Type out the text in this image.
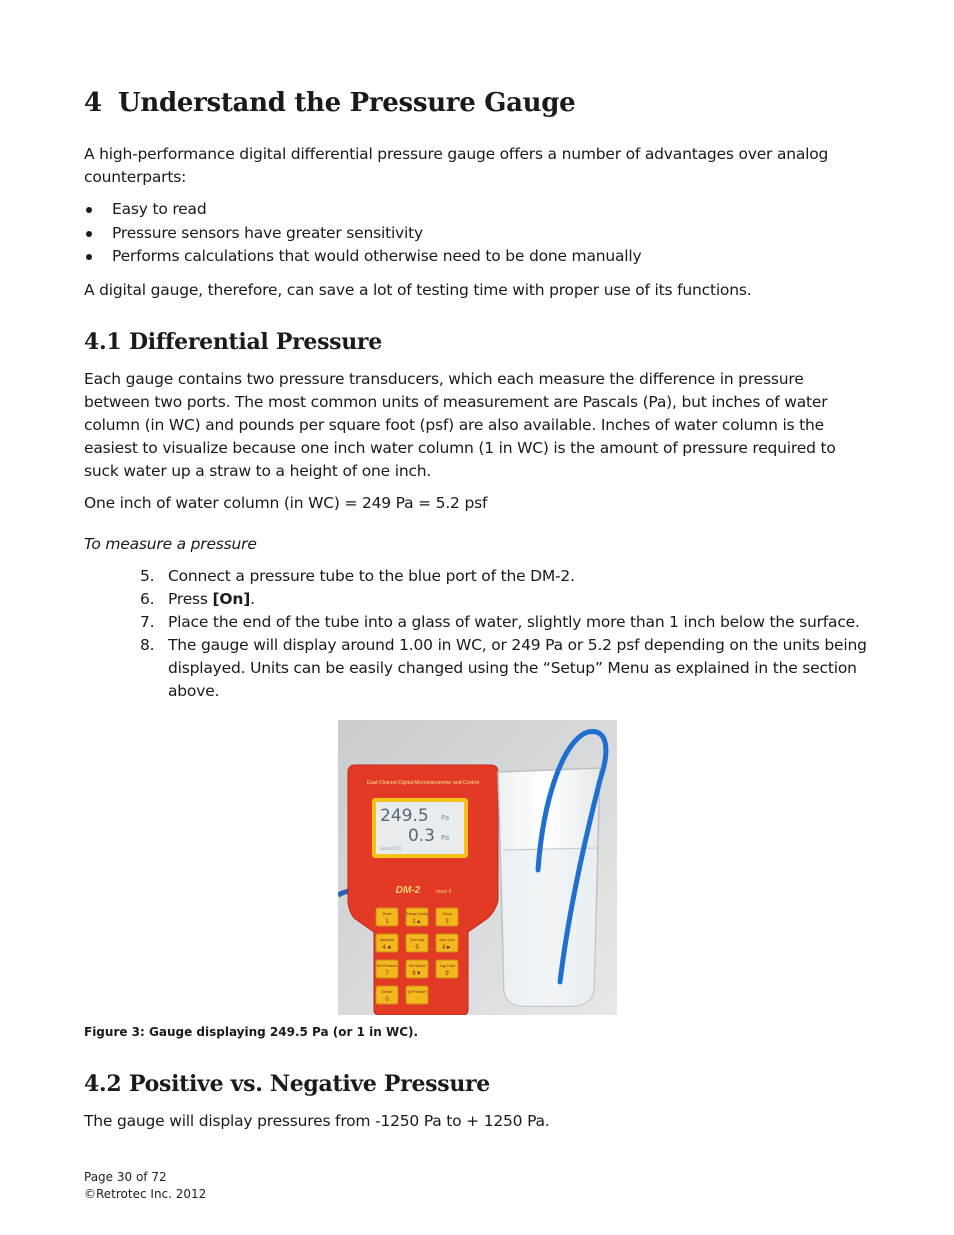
4 Understand the Pressure Gauge
A high-performance digital differential pressure gauge offers a number of advantages over analog
counterparts:
Easy to read
Pressure sensors have greater sensitivity
Performs calculations that would otherwise need to be done manually
A digital gauge, therefore, can save a lot of testing time with proper use of its functions.
4.1 Differential Pressure
Each gauge contains two pressure transducers, which each measure the difference in pressure
between two ports. The most common units of measurement are Pascals (Pa), but inches of water
column (in WC) and pounds per square foot (psf) are also available. Inches of water column is the
easiest to visualize because one inch water column (1 in WC) is the amount of pressure required to
suck water up a straw to a height of one inch.
One inch of water column (in WC) = 249 Pa = 5.2 psf
To measure a pressure
5. Connect a pressure tube to the blue port of the DM-2.
6. Press [On].
7. Place the end of the tube into a glass of water, slightly more than 1 inch below the surface.
8. The gauge will display around 1.00 in WC, or 249 Pa or 5.2 psf depending on the units being
displayed. Units can be easily changed using the “Setup” Menu as explained in the section
above.
Dual-Channel Digital Micromanometer and Control
249.5 Pa
0.3 Pa
Select [2]
DM-2	mark II
Mode
1
Range Config
2▲
Setup
3
Baseline
4◄
Time Avg
5
Auto Zero
6►
Set Pressure
7
Set Speed
8▼
Jog/ Hold
9
Device
0
@ Pressure
·

Figure 3: Gauge displaying 249.5 Pa (or 1 in WC).

4.2 Positive vs. Negative Pressure
The gauge will display pressures from -1250 Pa to + 1250 Pa.
Page 30 of 72
©Retrotec Inc. 2012
